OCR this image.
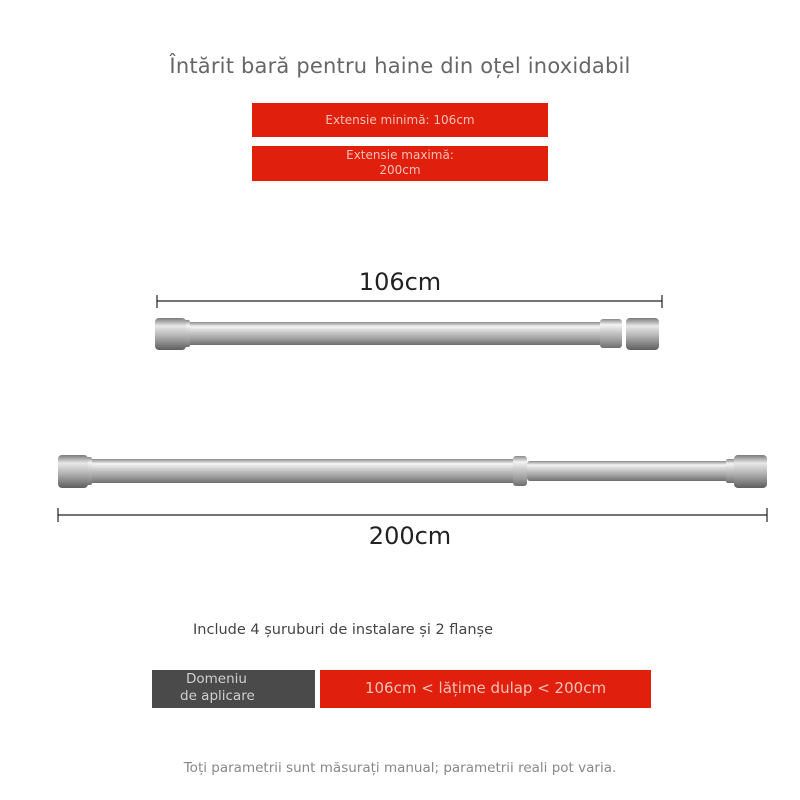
Întărit bară pentru haine din oțel inoxidabil
Extensie minimă: 106cm
Extensie maximă:
200cm
106cm
200cm
Include 4 șuruburi de instalare și 2 flanșe
Domeniu
de aplicare	106cm < lățime dulap < 200cm
Toți parametrii sunt măsurați manual; parametrii reali pot varia.
